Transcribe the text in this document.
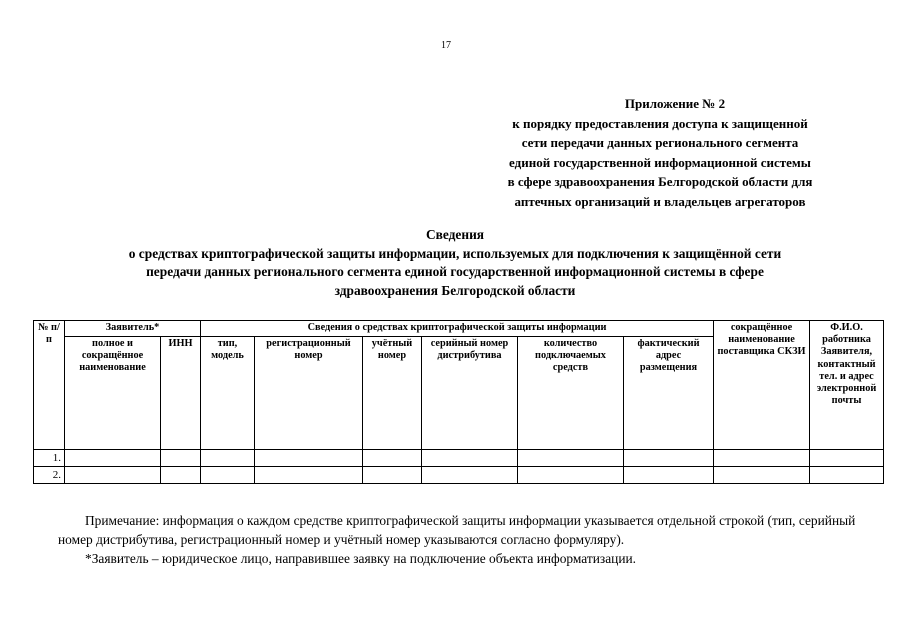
17
Приложение № 2
к порядку предоставления доступа к защищенной
сети передачи данных регионального сегмента
единой государственной информационной системы
в сфере здравоохранения Белгородской области для
аптечных организаций и владельцев агрегаторов
Сведения
о средствах криптографической защиты информации, используемых для подключения к защищённой сети
передачи данных регионального сегмента единой государственной информационной системы в сфере
здравоохранения Белгородской области
№ п/п	Заявитель*		Сведения о средствах криптографической защиты информации						сокращённое наименование поставщика СКЗИ	Ф.И.О. работника Заявителя, контактный тел. и адрес электронной почты
	полное и сокращённое наименование	ИНН	тип, модель	регистрационный номер	учётный номер	серийный номер дистрибутива	количество подключаемых средств	фактический адрес размещения		
1.										
2.										

Примечание: информация о каждом средстве криптографической защиты информации указывается отдельной строкой (тип, серийный номер дистрибутива, регистрационный номер и учётный номер указываются согласно формуляру).

*Заявитель – юридическое лицо, направившее заявку на подключение объекта информатизации.
